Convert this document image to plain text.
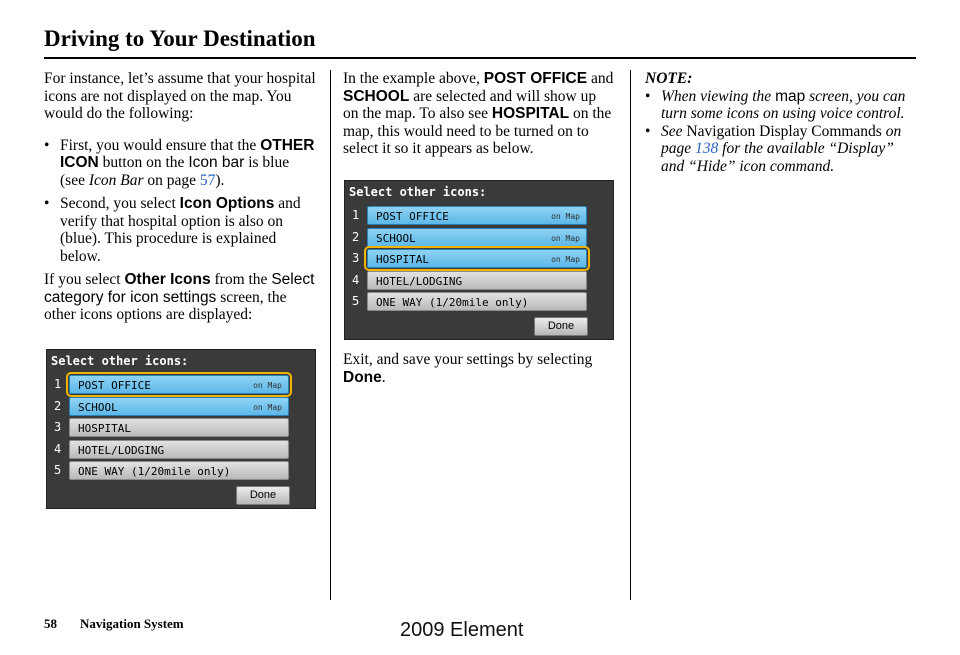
Driving to Your Destination
For instance, let’s assume that your hospital icons are not displayed on the map. You would do the following:
• First, you would ensure that the OTHER ICON button on the Icon bar is blue (see Icon Bar on page 57).
• Second, you select Icon Options and verify that hospital option is also on (blue). This procedure is explained below.
If you select Other Icons from the Select category for icon settings screen, the other icons options are displayed:
In the example above, POST OFFICE and SCHOOL are selected and will show up on the map. To also see HOSPITAL on the map, this would need to be turned on to select it so it appears as below.
Exit, and save your settings by selecting Done.
NOTE:
• When viewing the map screen, you can turn some icons on using voice control.
• See Navigation Display Commands on page 138 for the available “Display” and “Hide” icon command.
Select other icons:
1	POST OFFICE	on Map
2	SCHOOL	on Map
3	HOSPITAL
4	HOTEL/LODGING
5	ONE WAY (1/20mile only)
Done
Select other icons:
1	POST OFFICE	on Map
2	SCHOOL	on Map
3	HOSPITAL	on Map
4	HOTEL/LODGING
5	ONE WAY (1/20mile only)
Done
58 Navigation System	2009 Element
